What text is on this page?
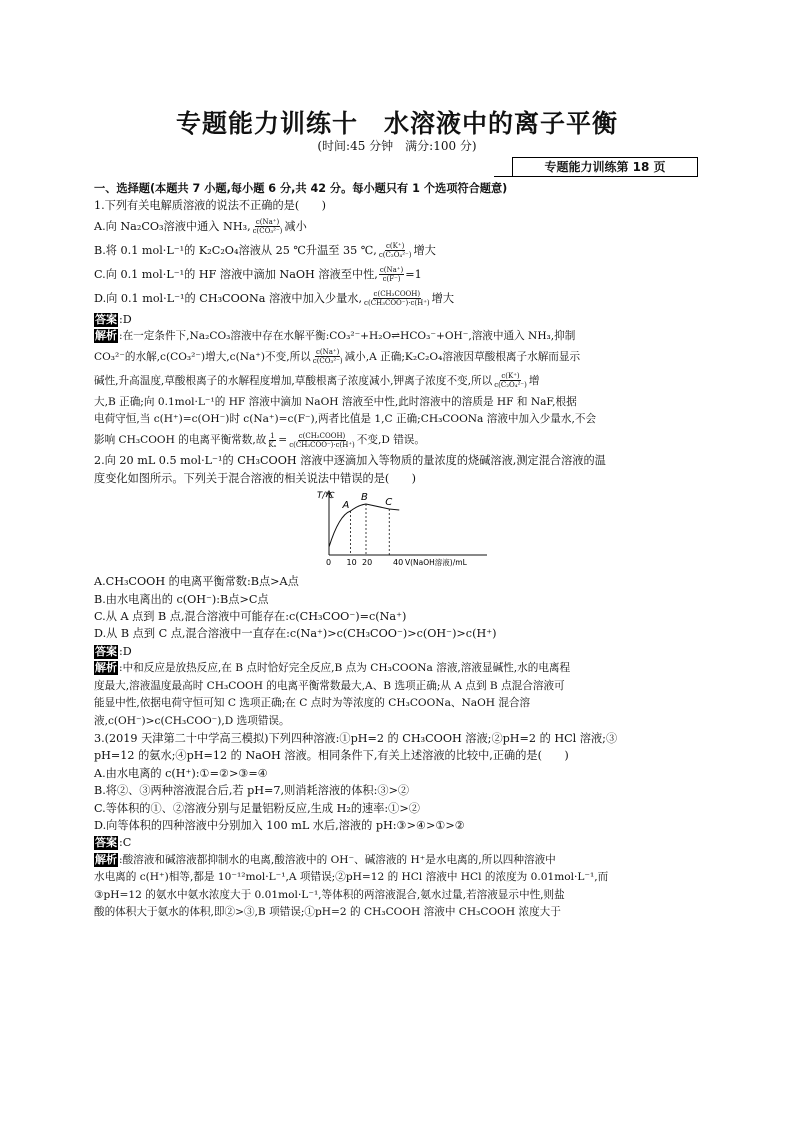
专题能力训练十　水溶液中的离子平衡
(时间:45 分钟　满分:100 分)
专题能力训练第 18 页

一、选择题(本题共 7 小题,每小题 6 分,共 42 分。每小题只有 1 个选项符合题意)

1.下列有关电解质溶液的说法不正确的是(　　)

A.向 Na₂CO₃溶液中通入 NH₃, $\frac{c(Na^+)}{\text{c(CO₃²⁻)}}$ 减小

B.将 0.1 mol·L⁻¹的 K₂C₂O₄溶液从 25 ℃升温至 35 ℃, $\frac{c(K^+)}{\text{c(C₂O₄²⁻)}}$ 增大

C.向 0.1 mol·L⁻¹的 HF 溶液中滴加 NaOH 溶液至中性, $\frac{c(Na^+)}{c(F^-)} =1$

D.向 0.1 mol·L⁻¹的 CH₃COONa 溶液中加入少量水, $\frac{\text{c(CH₃COOH)}}{\text{c(CH₃COO⁻)·c(H⁺)}}$ 增大

答案 :D

解析 :在一定条件下,Na₂CO₃溶液中存在水解平衡:CO₃²⁻+H₂O⇌HCO₃⁻+OH⁻,溶液中通入 NH₃,抑制
CO₃²⁻的水解,c(CO₃²⁻)增大,c(Na⁺)不变,所以 $\frac{c(Na^+)}{\text{c(CO₃²⁻)}}$ 减小,A 正确;K₂C₂O₄溶液因草酸根离子水解而显示
碱性,升高温度,草酸根离子的水解程度增加,草酸根离子浓度减小,钾离子浓度不变,所以 $\frac{c(K^+)}{\text{c(C₂O₄²⁻)}}$ 增
大,B 正确;向 0.1mol·L⁻¹的 HF 溶液中滴加 NaOH 溶液至中性,此时溶液中的溶质是 HF 和 NaF,根据
电荷守恒,当 c(H⁺)=c(OH⁻)时 c(Na⁺)=c(F⁻),两者比值是 1,C 正确;CH₃COONa 溶液中加入少量水,不会
影响 CH₃COOH 的电离平衡常数,故 $\frac{1}{\text{Kₐ}} = \frac{\text{c(CH₃COOH)}}{\text{c(CH₃COO⁻)·c(H⁺)}}$ 不变,D 错误。

2.向 20 mL 0.5 mol·L⁻¹的 CH₃COOH 溶液中逐滴加入等物质的量浓度的烧碱溶液,测定混合溶液的温

度变化如图所示。下列关于混合溶液的相关说法中错误的是(　　)

A
B C
T/℃
0 10 20	40 V(NaOH溶液)/mL

A.CH₃COOH 的电离平衡常数:B点>A点

B.由水电离出的 c(OH⁻):B点>C点

C.从 A 点到 B 点,混合溶液中可能存在:c(CH₃COO⁻)=c(Na⁺)

D.从 B 点到 C 点,混合溶液中一直存在:c(Na⁺)>c(CH₃COO⁻)>c(OH⁻)>c(H⁺)

答案 :D

解析 :中和反应是放热反应,在 B 点时恰好完全反应,B 点为 CH₃COONa 溶液,溶液显碱性,水的电离程
度最大,溶液温度最高时 CH₃COOH 的电离平衡常数最大,A、B 选项正确;从 A 点到 B 点混合溶液可
能显中性,依据电荷守恒可知 C 选项正确;在 C 点时为等浓度的 CH₃COONa、NaOH 混合溶
液,c(OH⁻)>c(CH₃COO⁻),D 选项错误。

3.(2019 天津第二十中学高三模拟)下列四种溶液:①pH=2 的 CH₃COOH 溶液;②pH=2 的 HCl 溶液;③

pH=12 的氨水;④pH=12 的 NaOH 溶液。相同条件下,有关上述溶液的比较中,正确的是(　　)

A.由水电离的 c(H⁺):①=②>③=④

B.将②、③两种溶液混合后,若 pH=7,则消耗溶液的体积:③>②

C.等体积的①、②溶液分别与足量铝粉反应,生成 H₂的速率:①>②

D.向等体积的四种溶液中分别加入 100 mL 水后,溶液的 pH:③>④>①>②

答案 :C

解析 :酸溶液和碱溶液都抑制水的电离,酸溶液中的 OH⁻、碱溶液的 H⁺是水电离的,所以四种溶液中
水电离的 c(H⁺)相等,都是 10⁻¹²mol·L⁻¹,A 项错误;②pH=12 的 HCl 溶液中 HCl 的浓度为 0.01mol·L⁻¹,而
③pH=12 的氨水中氨水浓度大于 0.01mol·L⁻¹,等体积的两溶液混合,氨水过量,若溶液显示中性,则盐
酸的体积大于氨水的体积,即②>③,B 项错误;①pH=2 的 CH₃COOH 溶液中 CH₃COOH 浓度大于
